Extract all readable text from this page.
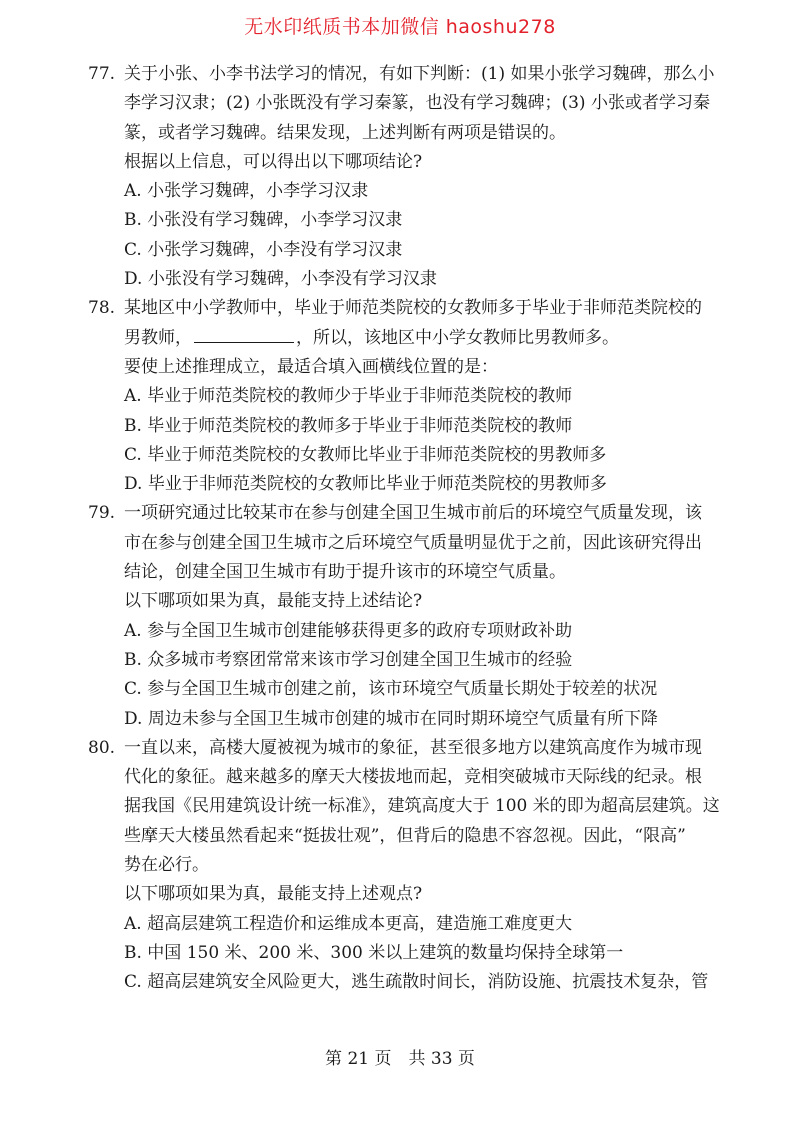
无水印纸质书本加微信 haoshu278
77. 关于小张、小李书法学习的情况，有如下判断：(1) 如果小张学习魏碑，那么小
李学习汉隶；(2) 小张既没有学习秦篆，也没有学习魏碑；(3) 小张或者学习秦
篆，或者学习魏碑。结果发现，上述判断有两项是错误的。
根据以上信息，可以得出以下哪项结论?
A. 小张学习魏碑，小李学习汉隶
B. 小张没有学习魏碑，小李学习汉隶
C. 小张学习魏碑，小李没有学习汉隶
D. 小张没有学习魏碑，小李没有学习汉隶
78. 某地区中小学教师中，毕业于师范类院校的女教师多于毕业于非师范类院校的
男教师，	，所以，该地区中小学女教师比男教师多。
要使上述推理成立，最适合填入画横线位置的是：
A. 毕业于师范类院校的教师少于毕业于非师范类院校的教师
B. 毕业于师范类院校的教师多于毕业于非师范类院校的教师
C. 毕业于师范类院校的女教师比毕业于非师范类院校的男教师多
D. 毕业于非师范类院校的女教师比毕业于师范类院校的男教师多
79. 一项研究通过比较某市在参与创建全国卫生城市前后的环境空气质量发现，该
市在参与创建全国卫生城市之后环境空气质量明显优于之前，因此该研究得出
结论，创建全国卫生城市有助于提升该市的环境空气质量。
以下哪项如果为真，最能支持上述结论?
A. 参与全国卫生城市创建能够获得更多的政府专项财政补助
B. 众多城市考察团常常来该市学习创建全国卫生城市的经验
C. 参与全国卫生城市创建之前，该市环境空气质量长期处于较差的状况
D. 周边未参与全国卫生城市创建的城市在同时期环境空气质量有所下降
80. 一直以来，高楼大厦被视为城市的象征，甚至很多地方以建筑高度作为城市现
代化的象征。越来越多的摩天大楼拔地而起，竞相突破城市天际线的纪录。根
据我国《民用建筑设计统一标准》，建筑高度大于 100 米的即为超高层建筑。这
些摩天大楼虽然看起来“挺拔壮观”，但背后的隐患不容忽视。因此，“限高”
势在必行。
以下哪项如果为真，最能支持上述观点?
A. 超高层建筑工程造价和运维成本更高，建造施工难度更大
B. 中国 150 米、200 米、300 米以上建筑的数量均保持全球第一
C. 超高层建筑安全风险更大，逃生疏散时间长，消防设施、抗震技术复杂，管
第 21 页　共 33 页
